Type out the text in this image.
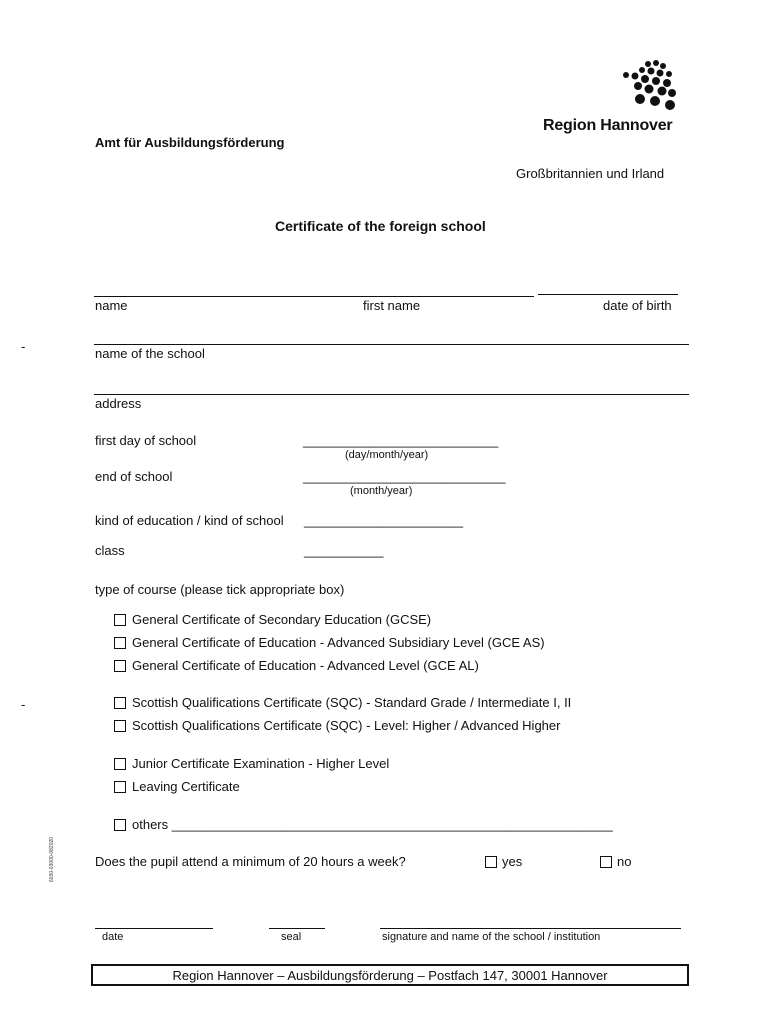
Region Hannover
Amt für Ausbildungsförderung
Großbritannien und Irland
Certificate of the foreign school
name	first name	date of birth
-
-
name of the school
address
first day of school	___________________________
(day/month/year)
end of school	____________________________
(month/year)
kind of education / kind of school ______________________
class	___________
type of course (please tick appropriate box)
General Certificate of Secondary Education (GCSE)
General Certificate of Education - Advanced Subsidiary Level (GCE AS)
General Certificate of Education - Advanced Level (GCE AL)
Scottish Qualifications Certificate (SQC) - Standard Grade / Intermediate I, II
Scottish Qualifications Certificate (SQC) - Level: Higher / Advanced Higher
Junior Certificate Examination - Higher Level
Leaving Certificate
others _____________________________________________________________
Does the pupil attend a minimum of 20 hours a week?	yes	no
6030-03000-082020
date	seal	signature and name of the school / institution
Region Hannover – Ausbildungsförderung – Postfach 147, 30001 Hannover
